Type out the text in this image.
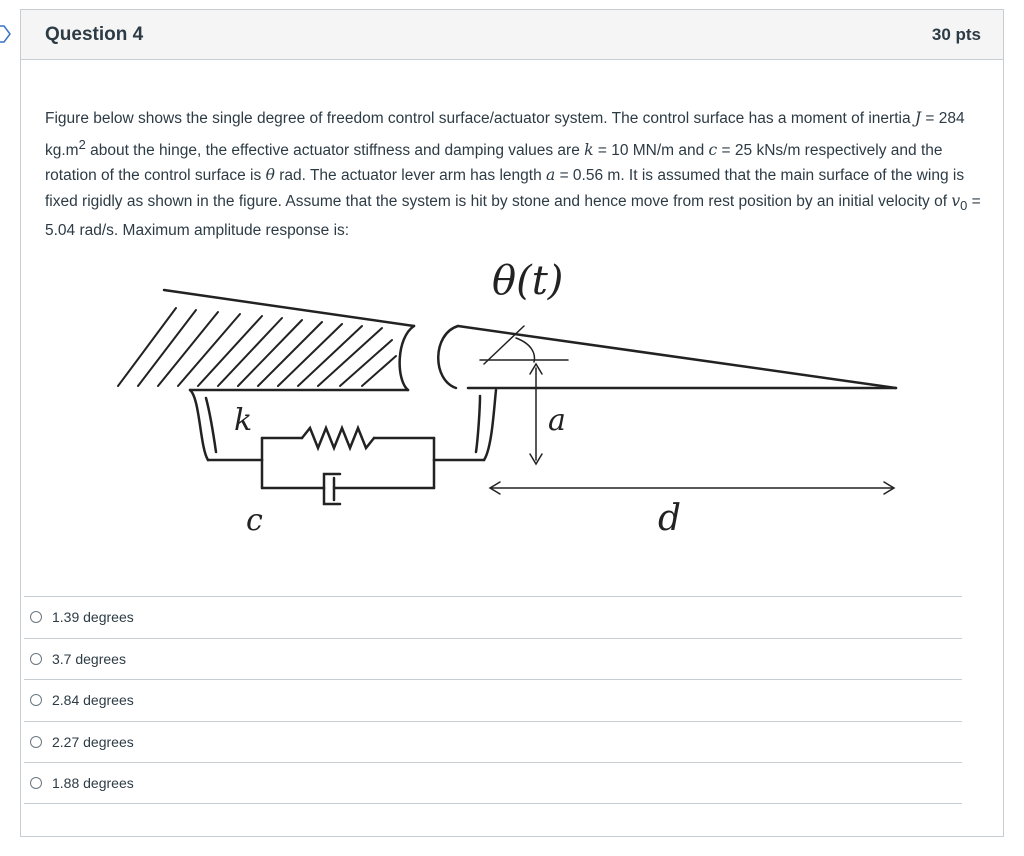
Question 4	30 pts
Figure below shows the single degree of freedom control surface/actuator system. The control surface has a moment of inertia J = 284 $kg.m^2$ about the hinge, the effective actuator stiffness and damping values are k = 10 MN/m and c = 25 kNs/m respectively and the rotation of the control surface is θ rad. The actuator lever arm has length a = 0.56 m. It is assumed that the main surface of the wing is fixed rigidly as shown in the figure. Assume that the system is hit by stone and hence move from rest position by an initial velocity of $v_0 = 5.04$ rad/s. Maximum amplitude response is:
θ(t)
k
c
a
d
1.39 degrees
3.7 degrees
2.84 degrees
2.27 degrees
1.88 degrees
